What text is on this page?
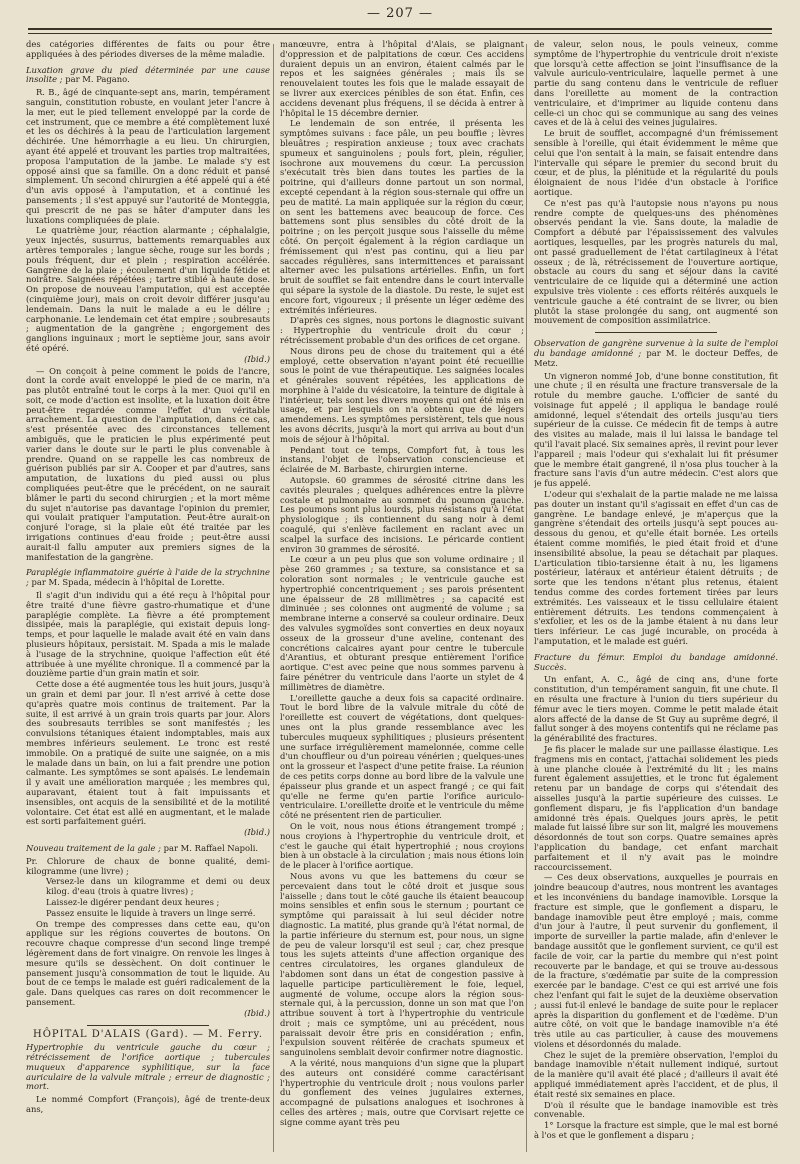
— 207 —

des catégories différentes de faits ou pour être appliquées à des périodes diverses de la même maladie.

Luxation grave du pied déterminée par une cause insolite ; par M. Pagano.

R. B., âgé de cinquante-sept ans, marin, tempérament sanguin, constitution robuste, en voulant jeter l'ancre à la mer, eut le pied tellement enveloppé par la corde de cet instrument, que ce membre a été complètement luxé et les os déchirés à la peau de l'articulation largement déchirée. Une hémorrhagie a eu lieu. Un chirurgien, ayant été appelé et trouvant les parties trop maltraitées, proposa l'amputation de la jambe. Le malade s'y est opposé ainsi que sa famille. On a donc réduit et pansé simplement. Un second chirurgien a été appelé qui a été d'un avis opposé à l'amputation, et a continué les pansements ; il s'est appuyé sur l'autorité de Monteggia, qui prescrit de ne pas se hâter d'amputer dans les luxations compliquées de plaie.

Le quatrième jour, réaction alarmante ; céphalalgie, yeux injectés, susurrus, battements remarquables aux artères temporales ; langue sèche, rouge sur les bords ; pouls fréquent, dur et plein ; respiration accélérée. Gangrène de la plaie ; écoulement d'un liquide fétide et noirâtre. Saignées répétées ; tartre stibié à haute dose. On propose de nouveau l'amputation, qui est acceptée (cinquième jour), mais on croit devoir différer jusqu'au lendemain. Dans la nuit le malade a eu le délire ; carphonanie. Le lendemain cet état empire ; soubresauts ; augmentation de la gangrène ; engorgement des ganglions inguinaux ; mort le septième jour, sans avoir été opéré.

(Ibid.)

— On conçoit à peine comment le poids de l'ancre, dont la corde avait enveloppé le pied de ce marin, n'a pas plutôt entraîné tout le corps à la mer. Quoi qu'il en soit, ce mode d'action est insolite, et la luxation doit être peut-être regardée comme l'effet d'un véritable arrachement. La question de l'amputation, dans ce cas, s'est présentée avec des circonstances tellement ambiguës, que le praticien le plus expérimenté peut varier dans le doute sur le parti le plus convenable à prendre. Quand on se rappelle les cas nombreux de guérison publiés par sir A. Cooper et par d'autres, sans amputation, de luxations du pied aussi ou plus compliquées peut-être que le précédent, on ne saurait blâmer le parti du second chirurgien ; et la mort même du sujet n'autorise pas davantage l'opinion du premier, qui voulait pratiquer l'amputation. Peut-être aurait-on conjuré l'orage, si la plaie eût été traitée par les irrigations continues d'eau froide ; peut-être aussi aurait-il fallu amputer aux premiers signes de la manifestation de la gangrène.

Paraplégie inflammatoire guérie à l'aide de la strychnine ; par M. Spada, médecin à l'hôpital de Lorette.

Il s'agit d'un individu qui a été reçu à l'hôpital pour être traité d'une fièvre gastro-rhumatique et d'une paraplégie complète. La fièvre a été promptement dissipée, mais la paraplégie, qui existait depuis long-temps, et pour laquelle le malade avait été en vain dans plusieurs hôpitaux, persistait. M. Spada a mis le malade à l'usage de la strychnine, quoique l'affection eût été attribuée à une myélite chronique. Il a commencé par la douzième partie d'un grain matin et soir.

Cette dose a été augmentée tous les huit jours, jusqu'à un grain et demi par jour. Il n'est arrivé à cette dose qu'après quatre mois continus de traitement. Par la suite, il est arrivé à un grain trois quarts par jour. Alors des soubresauts terribles se sont manifestés ; les convulsions tétaniques étaient indomptables, mais aux membres inférieurs seulement. Le tronc est resté immobile. On a pratiqué de suite une saignée, on a mis le malade dans un bain, on lui a fait prendre une potion calmante. Les symptômes se sont apaisés. Le lendemain il y avait une amélioration marquée ; les membres qui, auparavant, étaient tout à fait impuissants et insensibles, ont acquis de la sensibilité et de la motilité volontaire. Cet état est allé en augmentant, et le malade est sorti parfaitement guéri.

(Ibid.)

Nouveau traitement de la gale ; par M. Raffael Napoli.

Pr. Chlorure de chaux de bonne qualité, demi-kilogramme (une livre) ;

Versez-le dans un kilogramme et demi ou deux kilog. d'eau (trois à quatre livres) ;

Laissez-le digérer pendant deux heures ;

Passez ensuite le liquide à travers un linge serré.

On trempe des compresses dans cette eau, qu'on applique sur les régions couvertes de boutons. On recouvre chaque compresse d'un second linge trempé légèrement dans de fort vinaigre. On renvoie les linges à mesure qu'ils se dessèchent. On doit continuer le pansement jusqu'à consommation de tout le liquide. Au bout de ce temps le malade est guéri radicalement de la gale. Dans quelques cas rares on doit recommencer le pansement.

(Ibid.)

HÔPITAL D'ALAIS (Gard). — M. Ferry.

Hypertrophie du ventricule gauche du cœur ; rétrécissement de l'orifice aortique ; tubercules muqueux d'apparence syphilitique, sur la face auriculaire de la valvule mitrale ; erreur de diagnostic ; mort.

Le nommé Compfort (François), âgé de trente-deux ans,

manœuvre, entra à l'hôpital d'Alais, se plaignant d'oppression et de palpitations de cœur. Ces accidens duraient depuis un an environ, étaient calmés par le repos et les saignées générales ; mais ils se renouvelaient toutes les fois que le malade essayait de se livrer aux exercices pénibles de son état. Enfin, ces accidens devenant plus fréquens, il se décida à entrer à l'hôpital le 15 décembre dernier.

Le lendemain de son entrée, il présenta les symptômes suivans : face pâle, un peu bouffie ; lèvres bleuâtres ; respiration anxieuse ; toux avec crachats spumeux et sanguinolens ; pouls fort, plein, régulier, isochrone aux mouvemens du cœur. La percussion s'exécutait très bien dans toutes les parties de la poitrine, qui d'ailleurs donne partout un son normal, excepté cependant à la région sous-sternale qui offre un peu de matité. La main appliquée sur la région du cœur, on sent les battemens avec beaucoup de force. Ces battemens sont plus sensibles du côté droit de la poitrine ; on les perçoit jusque sous l'aisselle du même côté. On perçoit également à la région cardiaque un frémissement qui n'est pas continu, qui a lieu par saccades régulières, sans intermittences et paraissant alterner avec les pulsations artérielles. Enfin, un fort bruit de soufflet se fait entendre dans le court intervalle qui sépare la systole de la diastole. Du reste, le sujet est encore fort, vigoureux ; il présente un léger œdème des extrémités inférieures.

D'après ces signes, nous portons le diagnostic suivant : Hypertrophie du ventricule droit du cœur ; rétrécissement probable d'un des orifices de cet organe.

Nous dirons peu de chose du traitement qui a été employé, cette observation n'ayant point été recueillie sous le point de vue thérapeutique. Les saignées locales et générales souvent répétées, les applications de morphine à l'aide du vésicatoire, la teinture de digitale à l'intérieur, tels sont les divers moyens qui ont été mis en usage, et par lesquels on n'a obtenu que de légers amendemens. Les symptômes persistèrent, tels que nous les avons décrits, jusqu'à la mort qui arriva au bout d'un mois de séjour à l'hôpital.

Pendant tout ce temps, Compfort fut, à tous les instans, l'objet de l'observation consciencieuse et éclairée de M. Barbaste, chirurgien interne.

Autopsie. 60 grammes de sérosité citrine dans les cavités pleurales ; quelques adhérences entre la plèvre costale et pulmonaire au sommet du poumon gauche. Les poumons sont plus lourds, plus résistans qu'à l'état physiologique ; ils contiennent du sang noir à demi coagulé, qui s'enlève facilement en raclant avec un scalpel la surface des incisions. Le péricarde contient environ 30 grammes de sérosité.

Le cœur a un peu plus que son volume ordinaire ; il pèse 260 grammes ; sa texture, sa consistance et sa coloration sont normales ; le ventricule gauche est hypertrophié concentriquement ; ses parois présentent une épaisseur de 28 millimètres ; sa capacité est diminuée ; ses colonnes ont augmenté de volume ; sa membrane interne a conservé sa couleur ordinaire. Deux des valvules sygmoïdes sont converties en deux noyaux osseux de la grosseur d'une aveline, contenant des concrétions calcaires ayant pour centre le tubercule d'Arantius, et obturant presque entièrement l'orifice aortique. C'est avec peine que nous sommes parvenu à faire pénétrer du ventricule dans l'aorte un stylet de 4 millimètres de diamètre.

L'oreillette gauche a deux fois sa capacité ordinaire. Tout le bord libre de la valvule mitrale du côté de l'oreillette est couvert de végétations, dont quelques-unes ont la plus grande ressemblance avec les tubercules muqueux syphilitiques ; plusieurs présentent une surface irrégulièrement mamelonnée, comme celle d'un chouffleur ou d'un poireau vénérien ; quelques-unes ont la grosseur et l'aspect d'une petite fraise. La réunion de ces petits corps donne au bord libre de la valvule une épaisseur plus grande et un aspect frangé ; ce qui fait qu'elle ne ferme qu'en partie l'orifice auriculo-ventriculaire. L'oreillette droite et le ventricule du même côté ne présentent rien de particulier.

On le voit, nous nous étions étrangement trompé ; nous croyions à l'hypertrophie du ventricule droit, et c'est le gauche qui était hypertrophié ; nous croyions bien à un obstacle à la circulation ; mais nous étions loin de le placer à l'orifice aortique.

Nous avons vu que les battemens du cœur se percevaient dans tout le côté droit et jusque sous l'aisselle ; dans tout le côté gauche ils étaient beaucoup moins sensibles et enfin sous le sternum ; pourtant ce symptôme qui paraissait à lui seul décider notre diagnostic. La matité, plus grande qu'à l'état normal, de la partie inférieure du sternum est, pour nous, un signe de peu de valeur lorsqu'il est seul ; car, chez presque tous les sujets atteints d'une affection organique des centres circulatoires, les organes glanduleux de l'abdomen sont dans un état de congestion passive à laquelle participe particulièrement le foie, lequel, augmenté de volume, occupe alors la région sous-sternale qui, à la percussion, donne un son mat que l'on attribue souvent à tort à l'hypertrophie du ventricule droit ; mais ce symptôme, uni au précédent, nous paraissait devoir être pris en considération ; enfin, l'expulsion souvent réitérée de crachats spumeux et sanguinolens semblait devoir confirmer notre diagnostic.

A la vérité, nous manquions d'un signe que la plupart des auteurs ont considéré comme caractérisant l'hypertrophie du ventricule droit ; nous voulons parler du gonflement des veines jugulaires externes, accompagné de pulsations analogues et isochrones à celles des artères ; mais, outre que Corvisart rejette ce signe comme ayant très peu

de valeur, selon nous, le pouls veineux, comme symptôme de l'hypertrophie du ventricule droit n'existe que lorsqu'à cette affection se joint l'insuffisance de la valvule auriculo-ventriculaire, laquelle permet à une partie du sang contenu dans le ventricule de refluer dans l'oreillette au moment de la contraction ventriculaire, et d'imprimer au liquide contenu dans celle-ci un choc qui se communique au sang des veines caves et de là à celui des veines jugulaires.

Le bruit de soufflet, accompagné d'un frémissement sensible à l'oreille, qui était évidemment le même que celui que l'on sentait à la main, se faisait entendre dans l'intervalle qui sépare le premier du second bruit du cœur, et de plus, la plénitude et la régularité du pouls éloignaient de nous l'idée d'un obstacle à l'orifice aortique.

Ce n'est pas qu'à l'autopsie nous n'ayons pu nous rendre compte de quelques-uns des phénomènes observés pendant la vie. Sans doute, la maladie de Compfort a débuté par l'épaississement des valvules aortiques, lesquelles, par les progrès naturels du mal, ont passé graduellement de l'état cartilagineux à l'état osseux ; de là, rétrécissement de l'ouverture aortique, obstacle au cours du sang et séjour dans la cavité ventriculaire de ce liquide qui a déterminé une action expulsive très violente : ces efforts réitérés auxquels le ventricule gauche a été contraint de se livrer, ou bien plutôt la stase prolongée du sang, ont augmenté son mouvement de composition assimilatrice.

Observation de gangrène survenue à la suite de l'emploi du bandage amidonné ; par M. le docteur Deffes, de Metz.

Un vigneron nommé Job, d'une bonne constitution, fit une chute ; il en résulta une fracture transversale de la rotule du membre gauche. L'officier de santé du voisinage fut appelé ; il appliqua le bandage roulé amidonné, lequel s'étendait des orteils jusqu'au tiers supérieur de la cuisse. Ce médecin fit de temps à autre des visites au malade, mais il lui laissa le bandage tel qu'il l'avait placé. Six semaines après, il revint pour lever l'appareil ; mais l'odeur qui s'exhalait lui fit présumer que le membre était gangrené, il n'osa plus toucher à la fracture sans l'avis d'un autre médecin. C'est alors que je fus appelé.

L'odeur qui s'exhalait de la partie malade ne me laissa pas douter un instant qu'il s'agissait en effet d'un cas de gangrène. Le bandage enlevé, je m'aperçus que la gangrène s'étendait des orteils jusqu'à sept pouces au-dessous du genou, et qu'elle était bornée. Les orteils étaient comme momifiés, le pied était froid et d'une insensibilité absolue, la peau se détachait par plaques. L'articulation tibio-tarsienne était à nu, les ligamens postérieur, latéraux et antérieur étaient détruits ; de sorte que les tendons n'étant plus retenus, étaient tendus comme des cordes fortement tirées par leurs extrémités. Les vaisseaux et le tissu cellulaire étaient entièrement détruits. Les tendons commençaient à s'exfolier, et les os de la jambe étaient à nu dans leur tiers inférieur. Le cas jugé incurable, on procéda à l'amputation, et le malade est guéri.

Fracture du fémur. Emploi du bandage amidonné. Succès.

Un enfant, A. C., âgé de cinq ans, d'une forte constitution, d'un tempérament sanguin, fit une chute. Il en résulta une fracture à l'union du tiers supérieur du fémur avec le tiers moyen. Comme le petit malade était alors affecté de la danse de St Guy au suprême degré, il fallut songer à des moyens contentifs qui ne réclame pas la générabilité des fractures.

Je fis placer le malade sur une paillasse élastique. Les fragmens mis en contact, j'attachai solidement les pieds à une planche clouée à l'extrémité du lit ; les mains furent également assujetties, et le tronc fut également retenu par un bandage de corps qui s'étendait des aisselles jusqu'à la partie supérieure des cuisses. Le gonflement disparu, je fis l'application d'un bandage amidonné très épais. Quelques jours après, le petit malade fut laissé libre sur son lit, malgré les mouvemens désordonnés de tout son corps. Quatre semaines après l'application du bandage, cet enfant marchait parfaitement et il n'y avait pas le moindre raccourcissement.

— Ces deux observations, auxquelles je pourrais en joindre beaucoup d'autres, nous montrent les avantages et les inconvéniens du bandage inamovible. Lorsque la fracture est simple, que le gonflement a disparu, le bandage inamovible peut être employé ; mais, comme d'un jour à l'autre, il peut survenir du gonflement, il importe de surveiller la partie malade, afin d'enlever le bandage aussitôt que le gonflement survient, ce qu'il est facile de voir, car la partie du membre qui n'est point recouverte par le bandage, et qui se trouve au-dessous de la fracture, s'œdématie par suite de la compression exercée par le bandage. C'est ce qui est arrivé une fois chez l'enfant qui fait le sujet de la deuxième observation ; aussi fut-il enlevé le bandage de suite pour le replacer après la disparition du gonflement et de l'œdème. D'un autre côté, on voit que le bandage inamovible n'a été très utile au cas particulier, à cause des mouvemens violens et désordonnés du malade.

Chez le sujet de la première observation, l'emploi du bandage inamovible n'était nullement indiqué, surtout de la manière qu'il avait été placé ; d'ailleurs il avait été appliqué immédiatement après l'accident, et de plus, il était resté six semaines en place.

D'où il résulte que le bandage inamovible est très convenable.

1° Lorsque la fracture est simple, que le mal est borné à l'os et que le gonflement a disparu ;
